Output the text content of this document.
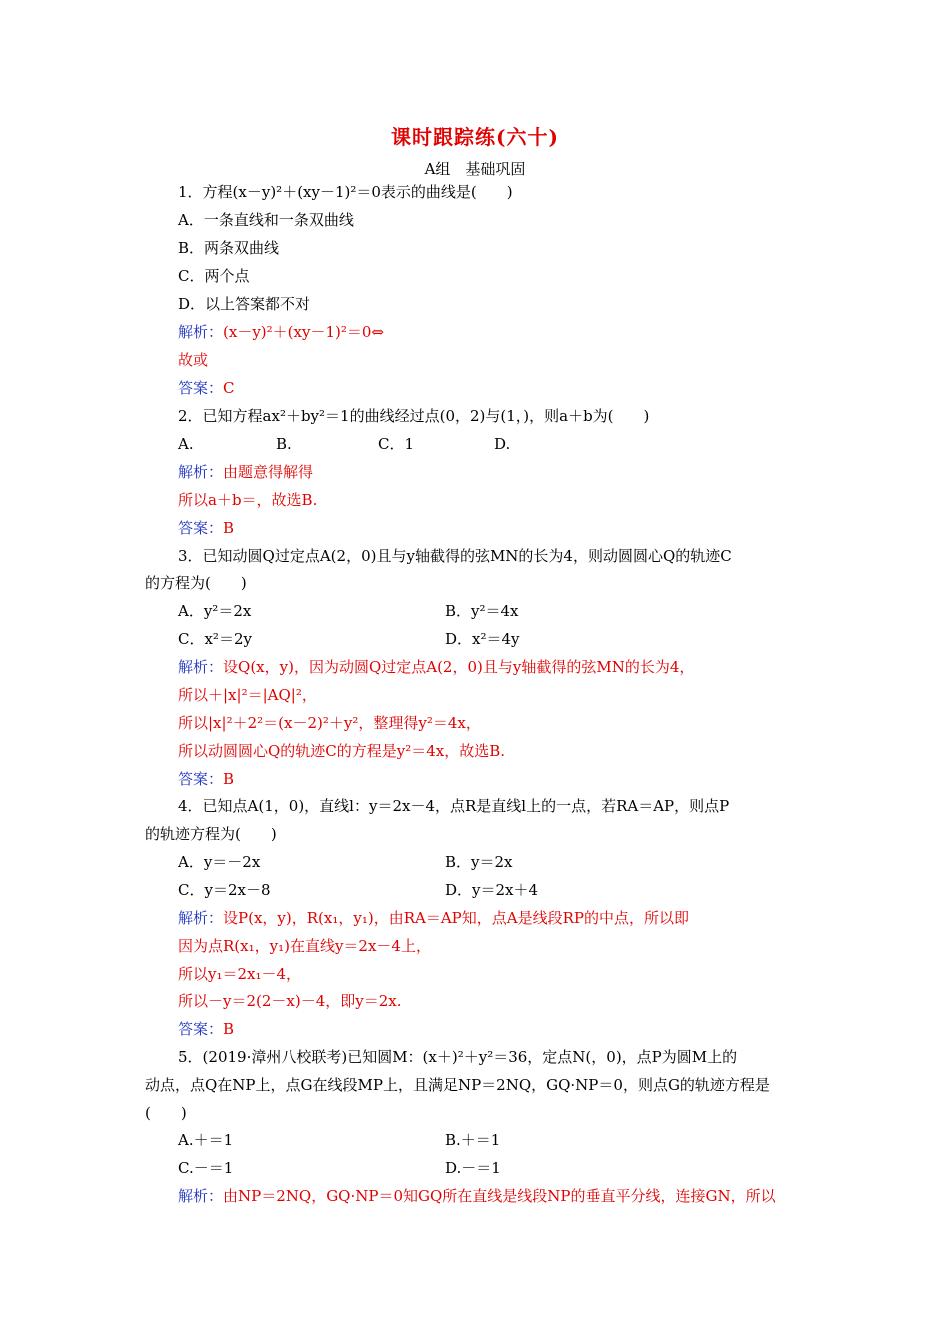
课时跟踪练(六十)
A组　基础巩固
1．方程(x－y)²＋(xy－1)²＝0表示的曲线是(　　)
A．一条直线和一条双曲线
B．两条双曲线
C．两个点
D．以上答案都不对
解析：(x－y)²＋(xy－1)²＝0⇔
故或
答案：C
2．已知方程ax²＋by²＝1的曲线经过点(0，2)与(1，)，则a＋b为(　　)
A.	B.	C．1	D.
解析：由题意得解得
所以a＋b＝，故选B.
答案：B
3．已知动圆Q过定点A(2，0)且与y轴截得的弦MN的长为4，则动圆圆心Q的轨迹C
的方程为(　　)
A．y²＝2x	B．y²＝4x
C．x²＝2y	D．x²＝4y
解析：设Q(x，y)，因为动圆Q过定点A(2，0)且与y轴截得的弦MN的长为4，
所以＋|x|²＝|AQ|²，
所以|x|²＋2²＝(x－2)²＋y²，整理得y²＝4x，
所以动圆圆心Q的轨迹C的方程是y²＝4x，故选B.
答案：B
4．已知点A(1，0)，直线l：y＝2x－4，点R是直线l上的一点，若RA＝AP，则点P
的轨迹方程为(　　)
A．y＝－2x	B．y＝2x
C．y＝2x－8	D．y＝2x＋4
解析：设P(x，y)，R(x₁，y₁)，由RA＝AP知，点A是线段RP的中点，所以即
因为点R(x₁，y₁)在直线y＝2x－4上，
所以y₁＝2x₁－4，
所以－y＝2(2－x)－4，即y＝2x.
答案：B
5．(2019·漳州八校联考)已知圆M：(x＋)²＋y²＝36，定点N(，0)，点P为圆M上的
动点，点Q在NP上，点G在线段MP上，且满足NP＝2NQ，GQ·NP＝0，则点G的轨迹方程是
(　　)
A.＋＝1	B.＋＝1
C.－＝1	D.－＝1
解析：由NP＝2NQ，GQ·NP＝0知GQ所在直线是线段NP的垂直平分线，连接GN，所以
